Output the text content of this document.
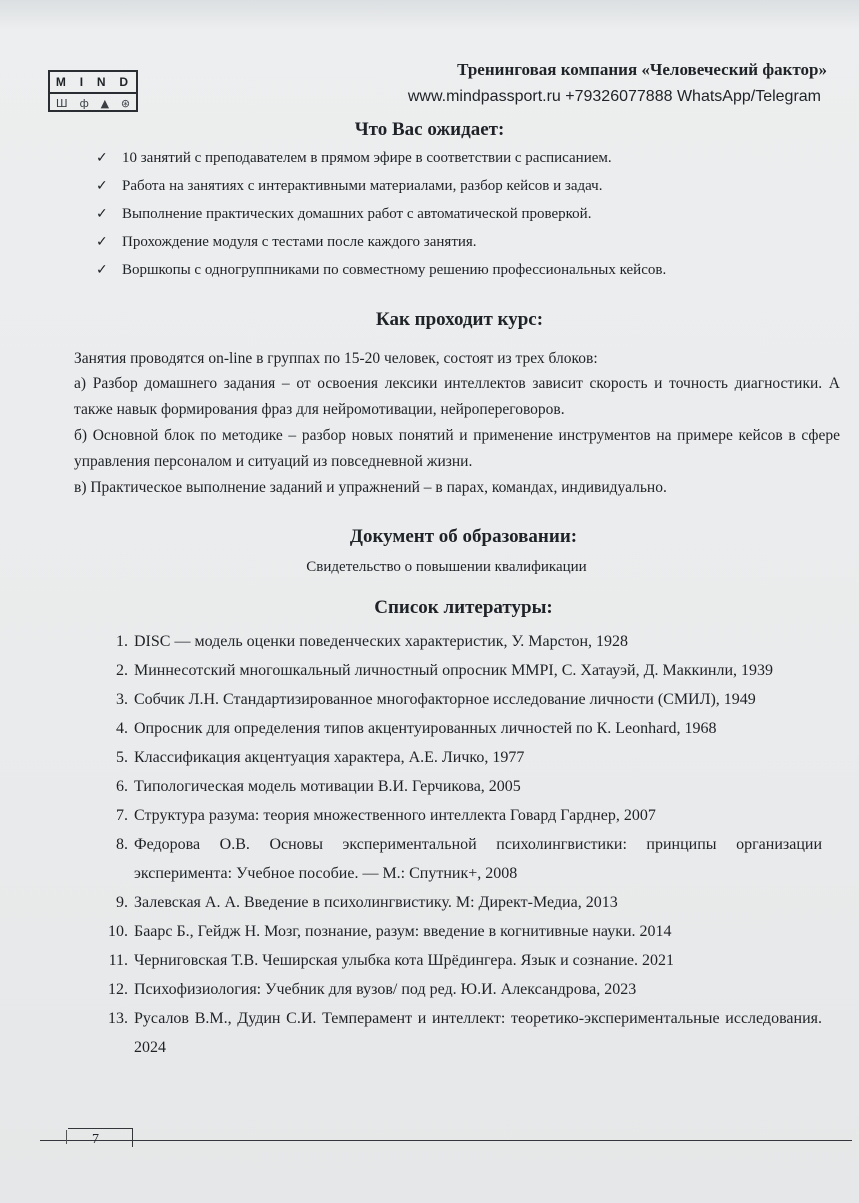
M I N D
Ш ф ▲ ⊛
Тренинговая компания «Человеческий фактор»
www.mindpassport.ru +79326077888 WhatsApp/Telegram
Что Вас ожидает:
✓ 10 занятий с преподавателем в прямом эфире в соответствии с расписанием.
✓ Работа на занятиях с интерактивными материалами, разбор кейсов и задач.
✓ Выполнение практических домашних работ с автоматической проверкой.
✓ Прохождение модуля с тестами после каждого занятия.
✓ Воршкопы с одногруппниками по совместному решению профессиональных кейсов.
Как проходит курс:
Занятия проводятся on-line в группах по 15-20 человек, состоят из трех блоков:
а) Разбор домашнего задания – от освоения лексики интеллектов зависит скорость и точность диагностики. А также навык формирования фраз для нейромотивации, нейропереговоров.
б) Основной блок по методике – разбор новых понятий и применение инструментов на примере кейсов в сфере управления персоналом и ситуаций из повседневной жизни.
в) Практическое выполнение заданий и упражнений – в парах, командах, индивидуально.
Документ об образовании:
Свидетельство о повышении квалификации
Список литературы:
1. DISC — модель оценки поведенческих характеристик, У. Марстон, 1928
2. Миннесотский многошкальный личностный опросник MMPI, С. Хатауэй, Д. Маккинли, 1939
3. Собчик Л.Н. Стандартизированное многофакторное исследование личности (СМИЛ), 1949
4. Опросник для определения типов акцентуированных личностей по К. Leonhard, 1968
5. Классификация акцентуация характера, А.Е. Личко, 1977
6. Типологическая модель мотивации В.И. Герчикова, 2005
7. Структура разума: теория множественного интеллекта Говард Гарднер, 2007
8. Федорова О.В. Основы экспериментальной психолингвистики: принципы организации эксперимента: Учебное пособие. — М.: Спутник+, 2008
9. Залевская А. А. Введение в психолингвистику. М: Директ-Медиа, 2013
10. Баарс Б., Гейдж Н. Мозг, познание, разум: введение в когнитивные науки. 2014
11. Черниговская Т.В. Чеширская улыбка кота Шрёдингера. Язык и сознание. 2021
12. Психофизиология: Учебник для вузов/ под ред. Ю.И. Александрова, 2023
13. Русалов В.М., Дудин С.И. Темперамент и интеллект: теоретико-экспериментальные исследования. 2024
7
